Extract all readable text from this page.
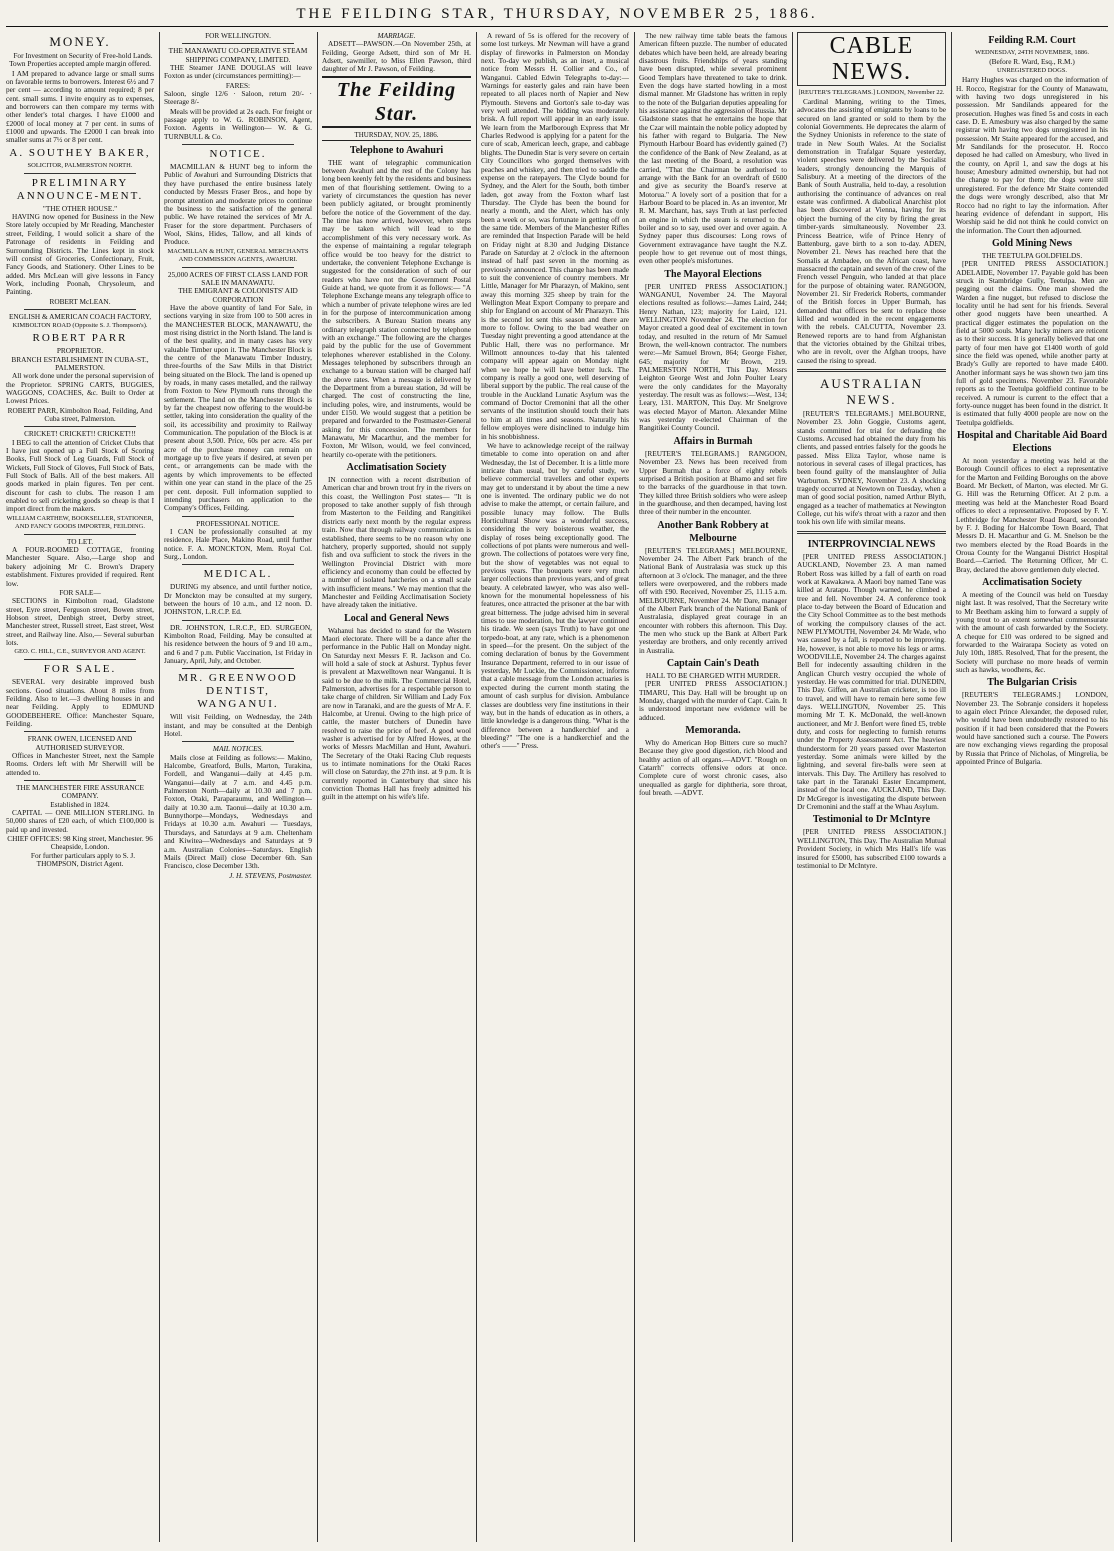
THE FEILDING STAR, THURSDAY, NOVEMBER 25, 1886.
MONEY.

For Investment on Security of Free-hold Lands. Town Properties accepted ample margin offered.

I AM prepared to advance large or small sums on favorable terms to borrowers. Interest 6½ and 7 per cent — according to amount required; 8 per cent. small sums. I invite enquiry as to expenses, and borrowers can then compare my terms with other lender's total charges. I have £1000 and £2000 of local money at 7 per cent. in sums of £1000 and upwards. The £2000 I can break into smaller sums at 7½ or 8 per cent.

A. SOUTHEY BAKER,
SOLICITOR, PALMERSTON NORTH.
PRELIMINARY ANNOUNCE-MENT.
"THE OTHER HOUSE."

HAVING now opened for Business in the New Store lately occupied by Mr Reading, Manchester street, Feilding, I would solicit a share of the Patronage of residents in Feilding and Surrounding Districts. The Lines kept in stock will consist of Groceries, Confectionary, Fruit, Fancy Goods, and Stationery. Other Lines to be added. Mrs McLean will give lessons in Fancy Work, including Poonah, Chrysoleum, and Painting.

ROBERT McLEAN.
ENGLISH & AMERICAN COACH FACTORY,
KIMBOLTON ROAD (Opposite S. J. Thompson's).
ROBERT PARR
PROPRIETOR.
BRANCH ESTABLISHMENT IN CUBA-ST., PALMERSTON.

All work done under the personal supervision of the Proprietor. SPRING CARTS, BUGGIES, WAGGONS, COACHES, &c. Built to Order at Lowest Prices.

ROBERT PARR, Kimbolton Road, Feilding, And Cuba street, Palmerston.
CRICKET! CRICKET!! CRICKET!!!

I BEG to call the attention of Cricket Clubs that I have just opened up a Full Stock of Scoring Books, Full Stock of Leg Guards, Full Stock of Wickets, Full Stock of Gloves, Full Stock of Bats, Full Stock of Balls. All of the best makers. All goods marked in plain figures. Ten per cent. discount for cash to clubs. The reason I am enabled to sell cricketing goods so cheap is that I import direct from the makers.

WILLIAM CARTHEW, BOOKSELLER, STATIONER, AND FANCY GOODS IMPORTER, FEILDING.
TO LET.

A FOUR-ROOMED COTTAGE, fronting Manchester Square. Also,—Large shop and bakery adjoining Mr C. Brown's Drapery establishment. Fixtures provided if required. Rent low.

FOR SALE—

SECTIONS in Kimbolton road, Gladstone street, Eyre street, Ferguson street, Bowen street, Hobson street, Denbigh street, Derby street, Manchester street, Russell street, East street, West street, and Railway line. Also,— Several suburban lots.

GEO. C. HILL, C.E., SURVEYOR AND AGENT.
FOR SALE.

SEVERAL very desirable improved bush sections. Good situations. About 8 miles from Feilding. Also to let.—3 dwelling houses in and near Feilding. Apply to EDMUND GOODEBEHERE. Office: Manchester Square, Feilding.

FRANK OWEN, LICENSED AND AUTHORISED SURVEYOR.

Offices in Manchester Street, next the Sample Rooms. Orders left with Mr Sherwill will be attended to.

THE MANCHESTER FIRE ASSURANCE COMPANY.
Established in 1824.

CAPITAL — ONE MILLION STERLING. In 50,000 shares of £20 each, of which £100,000 is paid up and invested.

CHIEF OFFICES: 98 King street, Manchester. 96 Cheapside, London.

For further particulars apply to S. J. THOMPSON, District Agent.

FOR WELLINGTON.
THE MANAWATU CO-OPERATIVE STEAM SHIPPING COMPANY, LIMITED.

THE Steamer JANE DOUGLAS will leave Foxton as under (circumstances permitting):—

FARES:

Saloon, single 12/6 · Saloon, return 20/- · Steerage 8/-

Meals will be provided at 2s each. For freight or passage apply to W. G. ROBINSON, Agent, Foxton. Agents in Wellington— W. & G. TURNBULL & Co.

NOTICE.

MACMILLAN & HUNT beg to inform the Public of Awahuri and Surrounding Districts that they have purchased the entire business lately conducted by Messrs Fraser Bros., and hope by prompt attention and moderate prices to continue the business to the satisfaction of the general public. We have retained the services of Mr A. Fraser for the store department. Purchasers of Wool, Skins, Hides, Tallow, and all kinds of Produce.

MACMILLAN & HUNT, GENERAL MERCHANTS AND COMMISSION AGENTS, AWAHURI.
25,000 ACRES OF FIRST CLASS LAND FOR SALE IN MANAWATU.
THE EMIGRANT & COLONISTS' AID CORPORATION

Have the above quantity of land For Sale, in sections varying in size from 100 to 500 acres in the MANCHESTER BLOCK, MANAWATU, the most rising district in the North Island. The land is of the best quality, and in many cases has very valuable Timber upon it. The Manchester Block is the centre of the Manawatu Timber Industry, three-fourths of the Saw Mills in that District being situated on the Block. The land is opened up by roads, in many cases metalled, and the railway from Foxton to New Plymouth runs through the settlement. The land on the Manchester Block is by far the cheapest now offering to the would-be settler, taking into consideration the quality of the soil, its accessibility and proximity to Railway Communication. The population of the Block is at present about 3,500. Price, 60s per acre. 45s per acre of the purchase money can remain on mortgage up to five years if desired, at seven per cent., or arrangements can be made with the agents by which improvements to be effected within one year can stand in the place of the 25 per cent. deposit. Full information supplied to intending purchasers on application to the Company's Offices, Feilding.

PROFESSIONAL NOTICE.

I CAN be professionally consulted at my residence, Hale Place, Makino Road, until further notice. F. A. MONCKTON, Mem. Royal Col. Surg., London.

MEDICAL.

DURING my absence, and until further notice, Dr Monckton may be consulted at my surgery, between the hours of 10 a.m., and 12 noon. D. JOHNSTON, L.R.C.P. Ed.

DR. JOHNSTON, L.R.C.P., ED. SURGEON, Kimbolton Road, Feilding. May be consulted at his residence between the hours of 9 and 10 a.m., and 6 and 7 p.m. Public Vaccination, 1st Friday in January, April, July, and October.

MR. GREENWOOD DENTIST, WANGANUI.

Will visit Feilding, on Wednesday, the 24th instant, and may be consulted at the Denbigh Hotel.

MAIL NOTICES.

Mails close at Feilding as follows:— Makino, Halcombe, Greatford, Bulls, Marton, Turakina, Fordell, and Wanganui—daily at 4.45 p.m. Wanganui—daily at 7 a.m. and 4.45 p.m. Palmerston North—daily at 10.30 and 7 p.m. Foxton, Otaki, Paraparaumu, and Wellington—daily at 10.30 a.m. Taonui—daily at 10.30 a.m. Bunnythorpe—Mondays, Wednesdays and Fridays at 10.30 a.m. Awahuri — Tuesdays, Thursdays, and Saturdays at 9 a.m. Cheltenham and Kiwitea—Wednesdays and Saturdays at 9 a.m. Australian Colonies—Saturdays. English Mails (Direct Mail) close December 6th. San Francisco, close December 13th.

J. H. STEVENS, Postmaster.

MARRIAGE.

ADSETT—PAWSON.—On November 25th, at Feilding, George Adsett, third son of Mr H. Adsett, sawmiller, to Miss Ellen Pawson, third daughter of Mr J. Pawson, of Feilding.

The Feilding Star.
THURSDAY, NOV. 25, 1886.
Telephone to Awahuri

THE want of telegraphic communication between Awahuri and the rest of the Colony has long been keenly felt by the residents and business men of that flourishing settlement. Owing to a variety of circumstances the question has never been publicly agitated, or brought prominently before the notice of the Government of the day. The time has now arrived, however, when steps may be taken which will lead to the accomplishment of this very necessary work. As the expense of maintaining a regular telegraph office would be too heavy for the district to undertake, the convenient Telephone Exchange is suggested for the consideration of such of our readers who have not the Government Postal Guide at hand, we quote from it as follows:— "A Telephone Exchange means any telegraph office to which a number of private telephone wires are led in for the purpose of intercommunication among the subscribers. A Bureau Station means any ordinary telegraph station connected by telephone with an exchange." The following are the charges paid by the public for the use of Government telephones wherever established in the Colony. Messages telephoned by subscribers through an exchange to a bureau station will be charged half the above rates. When a message is delivered by the Department from a bureau station, 3d will be charged. The cost of constructing the line, including poles, wire, and instruments, would be under £150. We would suggest that a petition be prepared and forwarded to the Postmaster-General asking for this concession. The members for Manawatu, Mr Macarthur, and the member for Foxton, Mr Wilson, would, we feel convinced, heartily co-operate with the petitioners.

Acclimatisation Society

IN connection with a recent distribution of American char and brown trout fry in the rivers on this coast, the Wellington Post states— "It is proposed to take another supply of fish through from Masterton to the Feilding and Rangitikei districts early next month by the regular express train. Now that through railway communication is established, there seems to be no reason why one hatchery, properly supported, should not supply fish and ova sufficient to stock the rivers in the Wellington Provincial District with more efficiency and economy than could be effected by a number of isolated hatcheries on a small scale with insufficient means." We may mention that the Manchester and Feilding Acclimatisation Society have already taken the initiative.

Local and General News

Wahanui has decided to stand for the Western Maori electorate. There will be a dance after the performance in the Public Hall on Monday night. On Saturday next Messrs F. R. Jackson and Co. will hold a sale of stock at Ashurst. Typhus fever is prevalent at Maxwelltown near Wanganui. It is said to be due to the milk. The Commercial Hotel, Palmerston, advertises for a respectable person to take charge of children. Sir William and Lady Fox are now in Taranaki, and are the guests of Mr A. F. Halcombe, at Urenui. Owing to the high price of cattle, the master butchers of Dunedin have resolved to raise the price of beef. A good wool washer is advertised for by Alfred Howes, at the works of Messrs MacMillan and Hunt, Awahuri. The Secretary of the Otaki Racing Club requests us to intimate nominations for the Otaki Races will close on Saturday, the 27th inst. at 9 p.m. It is currently reported in Canterbury that since his conviction Thomas Hall has freely admitted his guilt in the attempt on his wife's life.

A reward of 5s is offered for the recovery of some lost turkeys. Mr Newman will have a grand display of fireworks in Palmerston on Monday next. To-day we publish, as an inset, a musical notice from Messrs H. Collier and Co., of Wanganui. Cabled Edwin Telegraphs to-day:— Warnings for easterly gales and rain have been repeated to all places north of Napier and New Plymouth. Stevens and Gorton's sale to-day was very well attended. The bidding was moderately brisk. A full report will appear in an early issue. We learn from the Marlborough Express that Mr Charles Redwood is applying for a patent for the cure of scab, American leech, grape, and cabbage blights. The Dunedin Star is very severe on certain City Councillors who gorged themselves with peaches and whiskey, and then tried to saddle the expense on the ratepayers. The Clyde bound for Sydney, and the Alert for the South, both timber laden, got away from the Foxton wharf last Thursday. The Clyde has been the bound for nearly a month, and the Alert, which has only been a week or so, was fortunate in getting off on the same tide. Members of the Manchester Rifles are reminded that Inspection Parade will be held on Friday night at 8.30 and Judging Distance Parade on Saturday at 2 o'clock in the afternoon instead of half past seven in the morning as previously announced. This change has been made to suit the convenience of country members. Mr Little, Manager for Mr Pharazyn, of Makino, sent away this morning 325 sheep by train for the Wellington Meat Export Company to prepare and ship for England on account of Mr Pharazyn. This is the second lot sent this season and there are more to follow. Owing to the bad weather on Tuesday night preventing a good attendance at the Public Hall, there was no performance. Mr Willmott announces to-day that his talented company will appear again on Monday night when we hope he will have better luck. The company is really a good one, well deserving of liberal support by the public. The real cause of the trouble in the Auckland Lunatic Asylum was the command of Doctor Cremonini that all the other servants of the institution should touch their hats to him at all times and seasons. Naturally his fellow employes were disinclined to indulge him in his snobbishness.

We have to acknowledge receipt of the railway timetable to come into operation on and after Wednesday, the 1st of December. It is a little more intricate than usual, but by careful study, we believe commercial travellers and other experts may get to understand it by about the time a new one is invented. The ordinary public we do not advise to make the attempt, or certain failure, and possible lunacy may follow. The Bulls Horticultural Show was a wonderful success, considering the very boisterous weather, the display of roses being exceptionally good. The collections of pot plants were numerous and well-grown. The collections of potatoes were very fine, but the show of vegetables was not equal to previous years. The bouquets were very much larger collections than previous years, and of great beauty. A celebrated lawyer, who was also well-known for the monumental hopelessness of his features, once attracted the prisoner at the bar with great bitterness. The judge advised him in several times to use moderation, but the lawyer continued his tirade. We seen (says Truth) to have got one torpedo-boat, at any rate, which is a phenomenon in speed—for the present. On the subject of the coming declaration of bonus by the Government Insurance Department, referred to in our issue of yesterday, Mr Luckie, the Commissioner, informs that a cable message from the London actuaries is expected during the current month stating the amount of cash surplus for division. Ambulance classes are doubtless very fine institutions in their way, but in the hands of education as in others, a little knowledge is a dangerous thing. "What is the difference between a handkerchief and a bleeding?" "The one is a handkerchief and the other's ——" Press.

The new railway time table beats the famous American fifteen puzzle. The number of educated debates which have been held, are already bearing disastrous fruits. Friendships of years standing have been disrupted, while several prominent Good Templars have threatened to take to drink. Even the dogs have started howling in a most dismal manner. Mr Gladstone has written in reply to the note of the Bulgarian deputies appealing for his assistance against the aggression of Russia. Mr Gladstone states that he entertains the hope that the Czar will maintain the noble policy adopted by his father with regard to Bulgaria. The New Plymouth Harbour Board has evidently gained (?) the confidence of the Bank of New Zealand, as at the last meeting of the Board, a resolution was carried, "That the Chairman be authorised to arrange with the Bank for an overdraft of £600 and give as security the Board's reserve at Motorua." A lovely sort of a position that for a Harbour Board to be placed in. As an inventor, Mr R. M. Marchant, has, says Truth at last perfected an engine in which the steam is returned to the boiler and so to say, used over and over again. A Sydney paper thus discourses: Long rows of Government extravagance have taught the N.Z. people how to get revenue out of most things, even other people's misfortunes.

The Mayoral Elections

[PER UNITED PRESS ASSOCIATION.] WANGANUI, November 24. The Mayoral elections resulted as follows:—James Laird, 244; Henry Nathan, 123; majority for Laird, 121. WELLINGTON November 24. The election for Mayor created a good deal of excitement in town today, and resulted in the return of Mr Samuel Brown, the well-known contractor. The numbers were:—Mr Samuel Brown, 864; George Fisher, 645; majority for Mr Brown, 219. PALMERSTON NORTH, This Day. Messrs Leighton George West and John Poulter Leary were the only candidates for the Mayoralty yesterday. The result was as follows:—West, 134; Leary, 131. MARTON, This Day. Mr Snelgrove was elected Mayor of Marton. Alexander Milne was yesterday re-elected Chairman of the Rangitikei County Council.

Affairs in Burmah

[REUTER'S TELEGRAMS.] RANGOON, November 23. News has been received from Upper Burmah that a force of eighty rebels surprised a British position at Bhamo and set fire to the barracks of the guardhouse in that town. They killed three British soldiers who were asleep in the guardhouse, and then decamped, having lost three of their number in the encounter.

Another Bank Robbery at Melbourne

[REUTER'S TELEGRAMS.] MELBOURNE, November 24. The Albert Park branch of the National Bank of Australasia was stuck up this afternoon at 3 o'clock. The manager, and the three tellers were overpowered, and the robbers made off with £90. Received, November 25, 11.15 a.m. MELBOURNE, November 24. Mr Dare, manager of the Albert Park branch of the National Bank of Australasia, displayed great courage in an encounter with robbers this afternoon. This Day. The men who stuck up the Bank at Albert Park yesterday are brothers, and only recently arrived in Australia.

Captain Cain's Death
HALL TO BE CHARGED WITH MURDER.

[PER UNITED PRESS ASSOCIATION.] TIMARU, This Day. Hall will be brought up on Monday, charged with the murder of Capt. Cain. It is understood important new evidence will be adduced.

Memoranda.

Why do American Hop Bitters cure so much? Because they give good digestion, rich blood and healthy action of all organs.—ADVT. "Rough on Catarrh" corrects offensive odors at once. Complete cure of worst chronic cases, also unequalled as gargle for diphtheria, sore throat, foul breath. —ADVT.

CABLE NEWS.
[REUTER'S TELEGRAMS.] LONDON, November 22.

Cardinal Manning, writing to the Times, advocates the assisting of emigrants by loans to be secured on land granted or sold to them by the colonial Governments. He deprecates the alarm of the Sydney Unionists in reference to the state of trade in New South Wales. At the Socialist demonstration in Trafalgar Square yesterday, violent speeches were delivered by the Socialist leaders, strongly denouncing the Marquis of Salisbury. At a meeting of the directors of the Bank of South Australia, held to-day, a resolution authorising the continuance of advances on real estate was confirmed. A diabolical Anarchist plot has been discovered at Vienna, having for its object the burning of the city by firing the great timber-yards simultaneously. November 23. Princess Beatrice, wife of Prince Henry of Battenburg, gave birth to a son to-day. ADEN, November 21. News has reached here that the Somalis at Ambadee, on the African coast, have massacred the captain and seven of the crew of the French vessel Penguin, who landed at that place for the purpose of obtaining water. RANGOON, November 21. Sir Frederick Roberts, commander of the British forces in Upper Burmah, has demanded that officers be sent to replace those killed and wounded in the recent engagements with the rebels. CALCUTTA, November 23. Renewed reports are to hand from Afghanistan that the victories obtained by the Ghilzai tribes, who are in revolt, over the Afghan troops, have caused the rising to spread.

AUSTRALIAN NEWS.

[REUTER'S TELEGRAMS.] MELBOURNE, November 23. John Goggie, Customs agent, stands committed for trial for defrauding the Customs. Accused had obtained the duty from his clients, and passed entries falsely for the goods he passed. Miss Eliza Taylor, whose name is notorious in several cases of illegal practices, has been found guilty of the manslaughter of Julia Warburton. SYDNEY, November 23. A shocking tragedy occurred at Newtown on Tuesday, when a man of good social position, named Arthur Blyth, engaged as a teacher of mathematics at Newington College, cut his wife's throat with a razor and then took his own life with similar means.

INTERPROVINCIAL NEWS

[PER UNITED PRESS ASSOCIATION.] AUCKLAND, November 23. A man named Robert Ross was killed by a fall of earth on road work at Kawakawa. A Maori boy named Tane was killed at Aratapu. Though warned, he climbed a tree and fell. November 24. A conference took place to-day between the Board of Education and the City School Committee as to the best methods of working the compulsory clauses of the act. NEW PLYMOUTH, November 24. Mr Wade, who was caused by a fall, is reported to be improving. He, however, is not able to move his legs or arms. WOODVILLE, November 24. The charges against Bell for indecently assaulting children in the Anglican Church vestry occupied the whole of yesterday. He was committed for trial. DUNEDIN, This Day. Giffen, an Australian cricketer, is too ill to travel, and will have to remain here some few days. WELLINGTON, November 25. This morning Mr T. K. McDonald, the well-known auctioneer, and Mr J. Benfort were fined £5, treble duty, and costs for neglecting to furnish returns under the Property Assessment Act. The heaviest thunderstorm for 20 years passed over Masterton yesterday. Some animals were killed by the lightning, and several fire-balls were seen at intervals. This Day. The Artillery has resolved to take part in the Taranaki Easter Encampment, instead of the local one. AUCKLAND, This Day. Dr McGregor is investigating the dispute between Dr Cremonini and the staff at the Whau Asylum.

Testimonial to Dr McIntyre

[PER UNITED PRESS ASSOCIATION.] WELLINGTON, This Day. The Australian Mutual Provident Society, in which Mrs Hall's life was insured for £5000, has subscribed £100 towards a testimonial to Dr McIntyre.

Feilding R.M. Court
WEDNESDAY, 24TH NOVEMBER, 1886.
(Before R. Ward, Esq., R.M.)
UNREGISTERED DOGS.

Harry Hughes was charged on the information of H. Rocco, Registrar for the County of Manawatu, with having two dogs unregistered in his possession. Mr Sandilands appeared for the prosecution. Hughes was fined 5s and costs in each case. D. E. Amesbury was also charged by the same registrar with having two dogs unregistered in his possession. Mr Staite appeared for the accused, and Mr Sandilands for the prosecutor. H. Rocco deposed he had called on Amesbury, who lived in the county, on April 1, and saw the dogs at his house; Amesbury admitted ownership, but had not the change to pay for them; the dogs were still unregistered. For the defence Mr Staite contended the dogs were wrongly described, also that Mr Rocco had no right to lay the information. After hearing evidence of defendant in support, His Worship said he did not think he could convict on the information. The Court then adjourned.

Gold Mining News
THE TEETULPA GOLDFIELDS.

[PER UNITED PRESS ASSOCIATION.] ADELAIDE, November 17. Payable gold has been struck in Stambridge Gully, Teetulpa. Men are pegging out the claims. One man showed the Warden a fine nugget, but refused to disclose the locality until he had sent for his friends. Several other good nuggets have been unearthed. A practical digger estimates the population on the field at 5000 souls. Many lucky miners are reticent as to their success. It is generally believed that one party of four men have got £1400 worth of gold since the field was opened, while another party at Brady's Gully are reported to have made £400. Another informant says he was shown two jam tins full of gold specimens. November 23. Favorable reports as to the Teetulpa goldfield continue to be received. A rumour is current to the effect that a forty-ounce nugget has been found in the district. It is estimated that fully 4000 people are now on the Teetulpa goldfields.

Hospital and Charitable Aid Board Elections

At noon yesterday a meeting was held at the Borough Council offices to elect a representative for the Marton and Feilding Boroughs on the above Board. Mr Beckett, of Marton, was elected. Mr G. G. Hill was the Returning Officer. At 2 p.m. a meeting was held at the Manchester Road Board offices to elect a representative. Proposed by F. Y. Lethbridge for Manchester Road Board, seconded by F. J. Boding for Halcombe Town Board, That Messrs D. H. Macarthur and G. M. Snelson be the two members elected by the Road Boards in the Oroua County for the Wanganui District Hospital Board.—Carried. The Returning Officer, Mr C. Bray, declared the above gentlemen duly elected.

Acclimatisation Society

A meeting of the Council was held on Tuesday night last. It was resolved, That the Secretary write to Mr Beetham asking him to forward a supply of young trout to an extent somewhat commensurate with the amount of cash forwarded by the Society. A cheque for £10 was ordered to be signed and forwarded to the Wairarapa Society as voted on July 10th, 1885. Resolved, That for the present, the Society will purchase no more heads of vermin such as hawks, woodhens, &c.

The Bulgarian Crisis

[REUTER'S TELEGRAMS.] LONDON, November 23. The Sobranje considers it hopeless to again elect Prince Alexander, the deposed ruler, who would have been undoubtedly restored to his position if it had been considered that the Powers would have sanctioned such a course. The Powers are now exchanging views regarding the proposal by Russia that Prince of Nicholas, of Mingrelia, be appointed Prince of Bulgaria.
